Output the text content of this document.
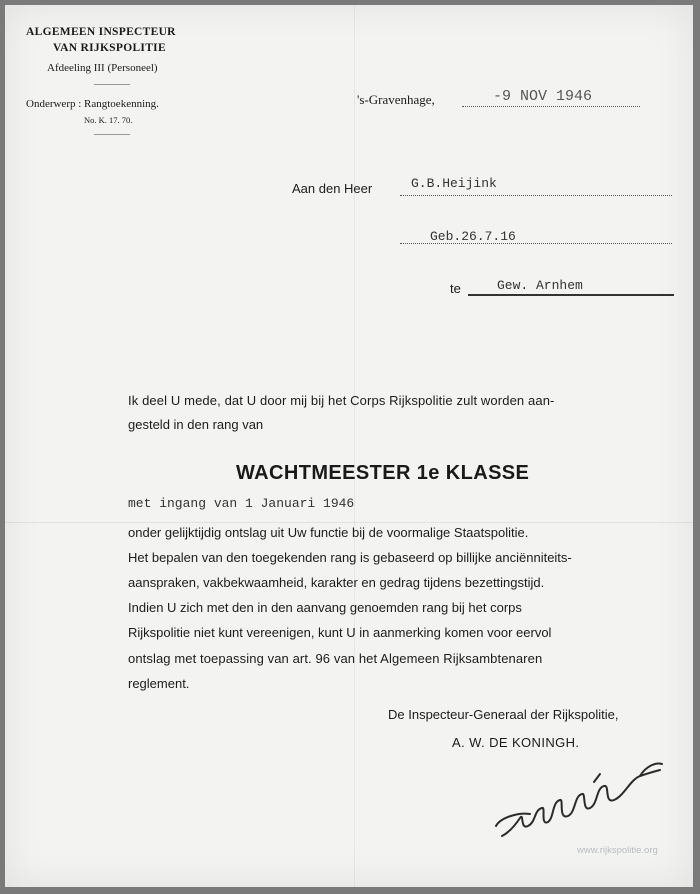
ALGEMEEN INSPECTEUR
VAN RIJKSPOLITIE
Afdeeling III (Personeel)
Onderwerp : Rangtoekenning.
No. K. 17. 70.
's-Gravenhage,	-9 NOV 1946
Aan den Heer	G.B.Heijink
Geb.26.7.16
te	Gew. Arnhem
Ik deel U mede, dat U door mij bij het Corps Rijkspolitie zult worden aan-
gesteld in den rang van
WACHTMEESTER 1e KLASSE
met ingang van 1 Januari 1946
onder gelijktijdig ontslag uit Uw functie bij de voormalige Staatspolitie.
Het bepalen van den toegekenden rang is gebaseerd op billijke anciënniteits-
aanspraken, vakbekwaamheid, karakter en gedrag tijdens bezettingstijd.
Indien U zich met den in den aanvang genoemden rang bij het corps
Rijkspolitie niet kunt vereenigen, kunt U in aanmerking komen voor eervol
ontslag met toepassing van art. 96 van het Algemeen Rijksambtenaren
reglement.
De Inspecteur-Generaal der Rijkspolitie,
A. W. DE KONINGH.
www.rijkspolitie.org
